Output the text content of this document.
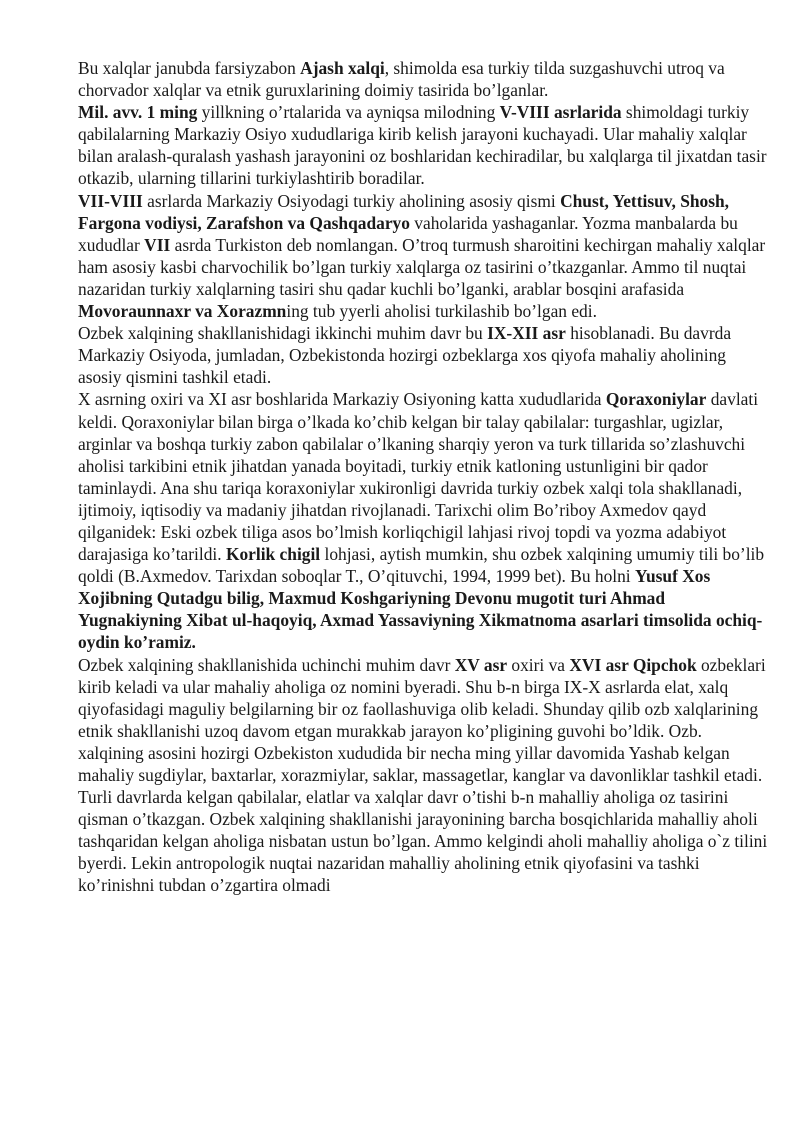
Bu xalqlar janubda farsiyzabon Ajash xalqi, shimolda esa turkiy tilda suzgashuvchi utroq va chorvador xalqlar va etnik guruxlarining doimiy tasirida bo’lganlar.

Mil. avv. 1 ming yillkning o’rtalarida va ayniqsa milodning V-VIII asrlarida shimoldagi turkiy qabilalarning Markaziy Osiyo xududlariga kirib kelish jarayoni kuchayadi. Ular mahaliy xalqlar bilan aralash-quralash yashash jarayonini oz boshlaridan kechiradilar, bu xalqlarga til jixatdan tasir otkazib, ularning tillarini turkiylashtirib boradilar.

VII-VIII asrlarda Markaziy Osiyodagi turkiy aholining asosiy qismi Chust, Yettisuv, Shosh, Fargona vodiysi, Zarafshon va Qashqadaryo vaholarida yashaganlar. Yozma manbalarda bu xududlar VII asrda Turkiston deb nomlangan. O’troq turmush sharoitini kechirgan mahaliy xalqlar ham asosiy kasbi charvochilik bo’lgan turkiy xalqlarga oz tasirini o’tkazganlar. Ammo til nuqtai nazaridan turkiy xalqlarning tasiri shu qadar kuchli bo’lganki, arablar bosqini arafasida Movoraunnaxr va Xorazmning tub yyerli aholisi turkilashib bo’lgan edi.

Ozbek xalqining shakllanishidagi ikkinchi muhim davr bu IX-XII asr hisoblanadi. Bu davrda Markaziy Osiyoda, jumladan, Ozbekistonda hozirgi ozbeklarga xos qiyofa mahaliy aholining asosiy qismini tashkil etadi.

X asrning oxiri va XI asr boshlarida Markaziy Osiyoning katta xududlarida Qoraxoniylar davlati keldi. Qoraxoniylar bilan birga o’lkada ko’chib kelgan bir talay qabilalar: turgashlar, ugizlar, arginlar va boshqa turkiy zabon qabilalar o’lkaning sharqiy yeron va turk tillarida so’zlashuvchi aholisi tarkibini etnik jihatdan yanada boyitadi, turkiy etnik katloning ustunligini bir qador taminlaydi. Ana shu tariqa koraxoniylar xukironligi davrida turkiy ozbek xalqi tola shakllanadi, ijtimoiy, iqtisodiy va madaniy jihatdan rivojlanadi. Tarixchi olim Bo’riboy Axmedov qayd qilganidek: Eski ozbek tiliga asos bo’lmish korliqchigil lahjasi rivoj topdi va yozma adabiyot darajasiga ko’tarildi. Korlik chigil lohjasi, aytish mumkin, shu ozbek xalqining umumiy tili bo’lib qoldi (B.Axmedov. Tarixdan soboqlar T., O’qituvchi, 1994, 1999 bet). Bu holni Yusuf Xos Xojibning Qutadgu bilig, Maxmud Koshgariyning Devonu mugotit turi Ahmad Yugnakiyning Xibat ul-haqoyiq, Axmad Yassaviyning Xikmatnoma asarlari timsolida ochiq-oydin ko’ramiz.

Ozbek xalqining shakllanishida uchinchi muhim davr XV asr oxiri va XVI asr Qipchok ozbeklari kirib keladi va ular mahaliy aholiga oz nomini byeradi. Shu b-n birga IX-X asrlarda elat, xalq qiyofasidagi maguliy belgilarning bir oz faollashuviga olib keladi. Shunday qilib ozb xalqlarining etnik shakllanishi uzoq davom etgan murakkab jarayon ko’pligining guvohi bo’ldik. Ozb. xalqining asosini hozirgi Ozbekiston xududida bir necha ming yillar davomida Yashab kelgan mahaliy sugdiylar, baxtarlar, xorazmiylar, saklar, massagetlar, kanglar va davonliklar tashkil etadi. Turli davrlarda kelgan qabilalar, elatlar va xalqlar davr o’tishi b-n mahalliy aholiga oz tasirini qisman o’tkazgan. Ozbek xalqining shakllanishi jarayonining barcha bosqichlarida mahalliy aholi tashqaridan kelgan aholiga nisbatan ustun bo’lgan. Ammo kelgindi aholi mahalliy aholiga o`z tilini byerdi. Lekin antropologik nuqtai nazaridan mahalliy aholining etnik qiyofasini va tashki ko’rinishni tubdan o’zgartira olmadi
